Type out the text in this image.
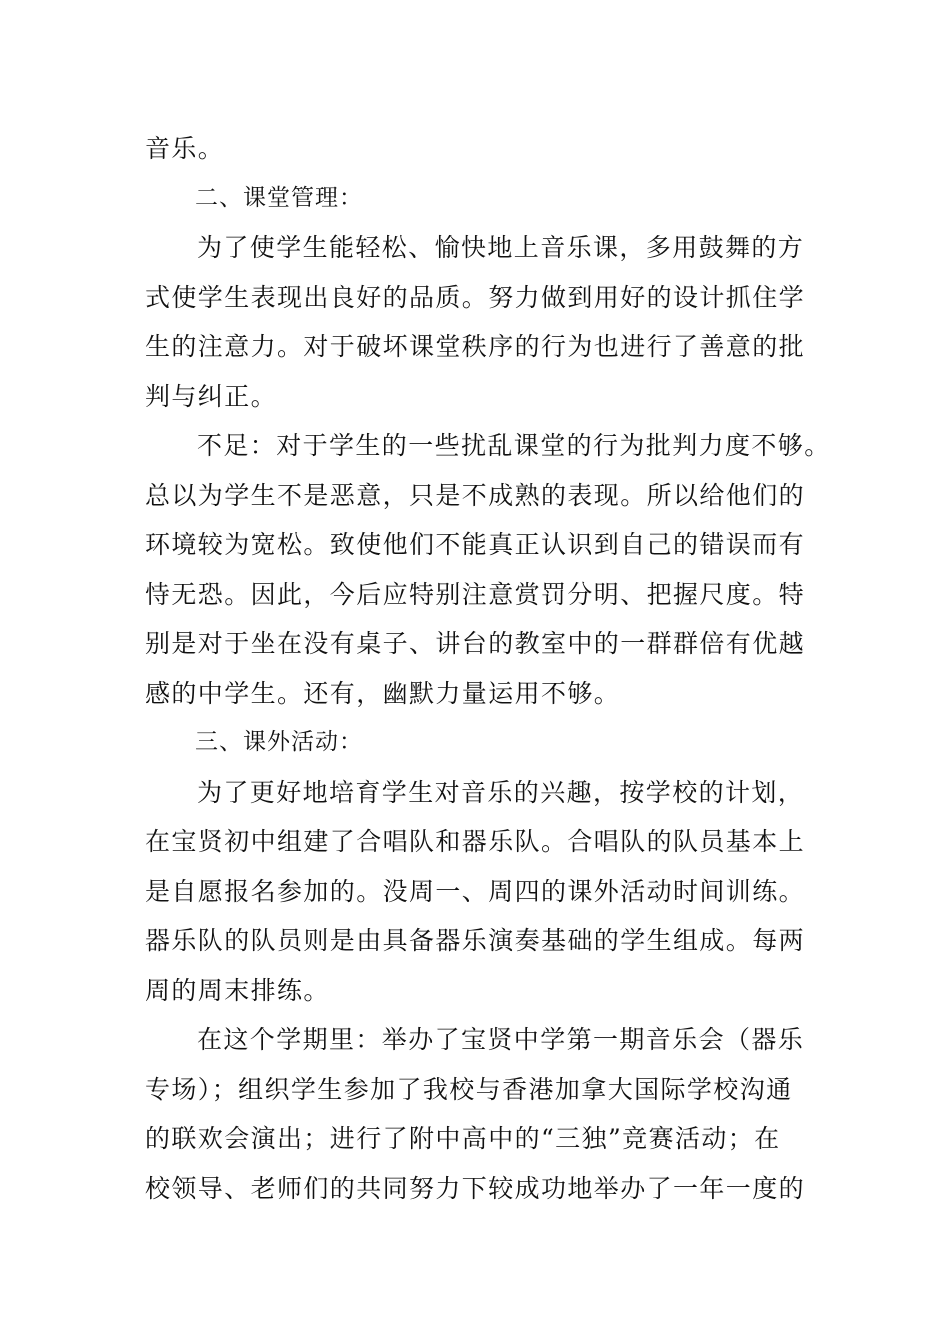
音乐。
二、课堂管理：
为了使学生能轻松、愉快地上音乐课，多用鼓舞的方
式使学生表现出良好的品质。努力做到用好的设计抓住学
生的注意力。对于破坏课堂秩序的行为也进行了善意的批
判与纠正。
不足：对于学生的一些扰乱课堂的行为批判力度不够。
总以为学生不是恶意，只是不成熟的表现。所以给他们的
环境较为宽松。致使他们不能真正认识到自己的错误而有
恃无恐。因此，今后应特别注意赏罚分明、把握尺度。特
别是对于坐在没有桌子、讲台的教室中的一群群倍有优越
感的中学生。还有，幽默力量运用不够。
三、课外活动：
为了更好地培育学生对音乐的兴趣，按学校的计划，
在宝贤初中组建了合唱队和器乐队。合唱队的队员基本上
是自愿报名参加的。没周一、周四的课外活动时间训练。
器乐队的队员则是由具备器乐演奏基础的学生组成。每两
周的周末排练。
在这个学期里：举办了宝贤中学第一期音乐会（器乐
专场）；组织学生参加了我校与香港加拿大国际学校沟通
的联欢会演出；进行了附中高中的“三独”竞赛活动；在
校领导、老师们的共同努力下较成功地举办了一年一度的
